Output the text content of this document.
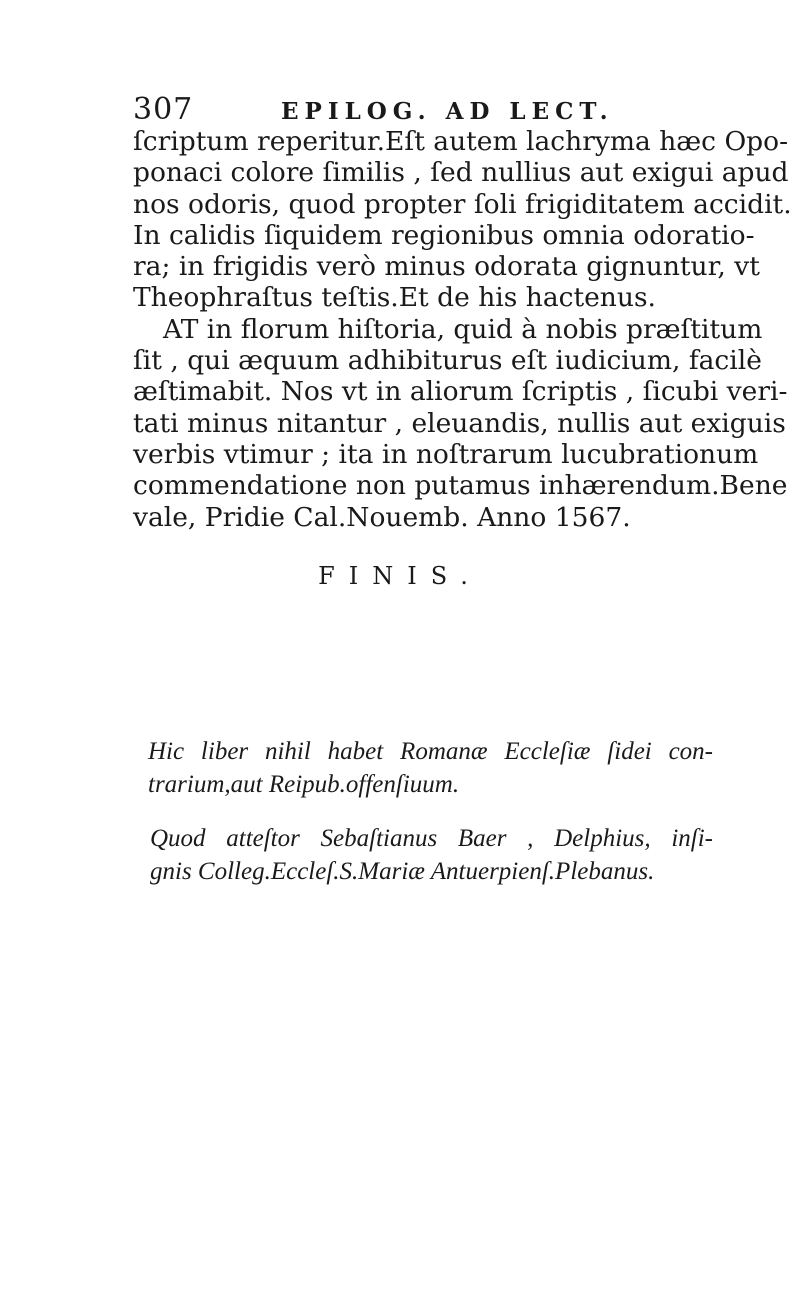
307	EPILOG. AD LECT.
ſcriptum reperitur.Eſt autem lachryma hæc Opo-
ponaci colore ſimilis , ſed nullius aut exigui apud
nos odoris, quod propter ſoli frigiditatem accidit.
In calidis ſiquidem regionibus omnia odoratio-
ra; in frigidis verò minus odorata gignuntur, vt
Theophraſtus teſtis.Et de his hactenus.
AT in florum hiſtoria, quid à nobis præſtitum
ſit , qui æquum adhibiturus eſt iudicium, facilè
æſtimabit. Nos vt in aliorum ſcriptis , ſicubi veri-
tati minus nitantur , eleuandis, nullis aut exiguis
verbis vtimur ; ita in noſtrarum lucubrationum
commendatione non putamus inhærendum.Bene
vale, Pridie Cal.Nouemb. Anno 1567.
FINIS.
Hic liber nihil habet Romanæ Eccleſiæ ſidei con-
trarium,aut Reipub.offenſiuum.
Quod atteſtor Sebaſtianus Baer , Delphius, inſi-
gnis Colleg.Eccleſ.S.Mariæ Antuerpienſ.Plebanus.
